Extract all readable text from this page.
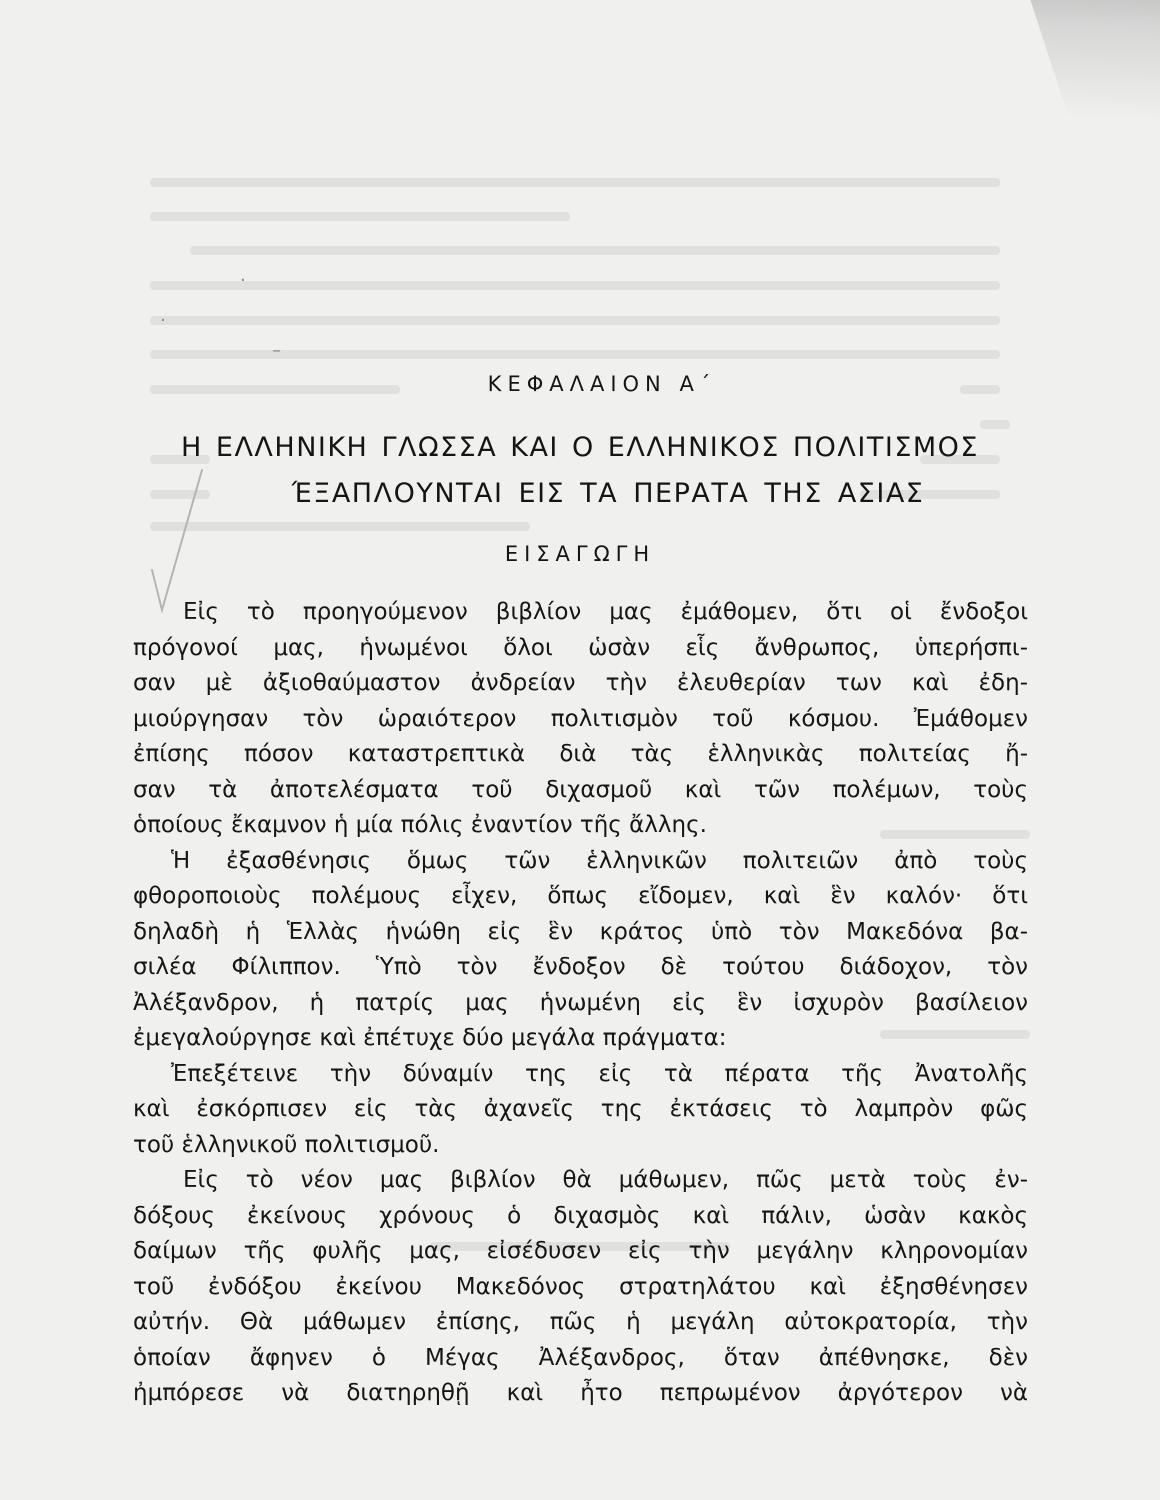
·
·
–
ΚΕΦΑΛΑΙΟΝ Α΄
Η ΕΛΛΗΝΙΚΗ ΓΛΩΣΣΑ ΚΑΙ Ο ΕΛΛΗΝΙΚΟΣ ΠΟΛΙΤΙΣΜΟΣ
ΈΞΑΠΛΟΥΝΤΑΙ ΕΙΣ ΤΑ ΠΕΡΑΤΑ ΤΗΣ ΑΣΙΑΣ
ΕΙΣΑΓΩΓΗ
Εἰς τὸ προηγούμενον βιβλίον μας ἐμάθομεν, ὅτι οἱ ἔνδοξοι
πρόγονοί μας, ἡνωμένοι ὅλοι ὡσὰν εἷς ἄνθρωπος, ὑπερήσπι-
σαν μὲ ἀξιοθαύμαστον ἀνδρείαν τὴν ἐλευθερίαν των καὶ ἐδη-
μιούργησαν τὸν ὡραιότερον πολιτισμὸν τοῦ κόσμου. Ἐμάθομεν
ἐπίσης πόσον καταστρεπτικὰ διὰ τὰς ἑλληνικὰς πολιτείας ἤ-
σαν τὰ ἀποτελέσματα τοῦ διχασμοῦ καὶ τῶν πολέμων, τοὺς
ὁποίους ἔκαμνον ἡ μία πόλις ἐναντίον τῆς ἄλλης.
Ἡ ἐξασθένησις ὅμως τῶν ἑλληνικῶν πολιτειῶν ἀπὸ τοὺς
φθοροποιοὺς πολέμους εἶχεν, ὅπως εἴδομεν, καὶ ἓν καλόν· ὅτι
δηλαδὴ ἡ Ἑλλὰς ἡνώθη εἰς ἓν κράτος ὑπὸ τὸν Μακεδόνα βα-
σιλέα Φίλιππον. Ὑπὸ τὸν ἔνδοξον δὲ τούτου διάδοχον, τὸν
Ἀλέξανδρον, ἡ πατρίς μας ἡνωμένη εἰς ἓν ἰσχυρὸν βασίλειον
ἐμεγαλούργησε καὶ ἐπέτυχε δύο μεγάλα πράγματα:
Ἐπεξέτεινε τὴν δύναμίν της εἰς τὰ πέρατα τῆς Ἀνατολῆς
καὶ ἐσκόρπισεν εἰς τὰς ἀχανεῖς της ἐκτάσεις τὸ λαμπρὸν φῶς
τοῦ ἑλληνικοῦ πολιτισμοῦ.
Εἰς τὸ νέον μας βιβλίον θὰ μάθωμεν, πῶς μετὰ τοὺς ἐν-
δόξους ἐκείνους χρόνους ὁ διχασμὸς καὶ πάλιν, ὡσὰν κακὸς
δαίμων τῆς φυλῆς μας, εἰσέδυσεν εἰς τὴν μεγάλην κληρονομίαν
τοῦ ἐνδόξου ἐκείνου Μακεδόνος στρατηλάτου καὶ ἐξησθένησεν
αὐτήν. Θὰ μάθωμεν ἐπίσης, πῶς ἡ μεγάλη αὐτοκρατορία, τὴν
ὁποίαν ἄφηνεν ὁ Μέγας Ἀλέξανδρος, ὅταν ἀπέθνησκε, δὲν
ἠμπόρεσε νὰ διατηρηθῇ καὶ ἦτο πεπρωμένον ἀργότερον νὰ
